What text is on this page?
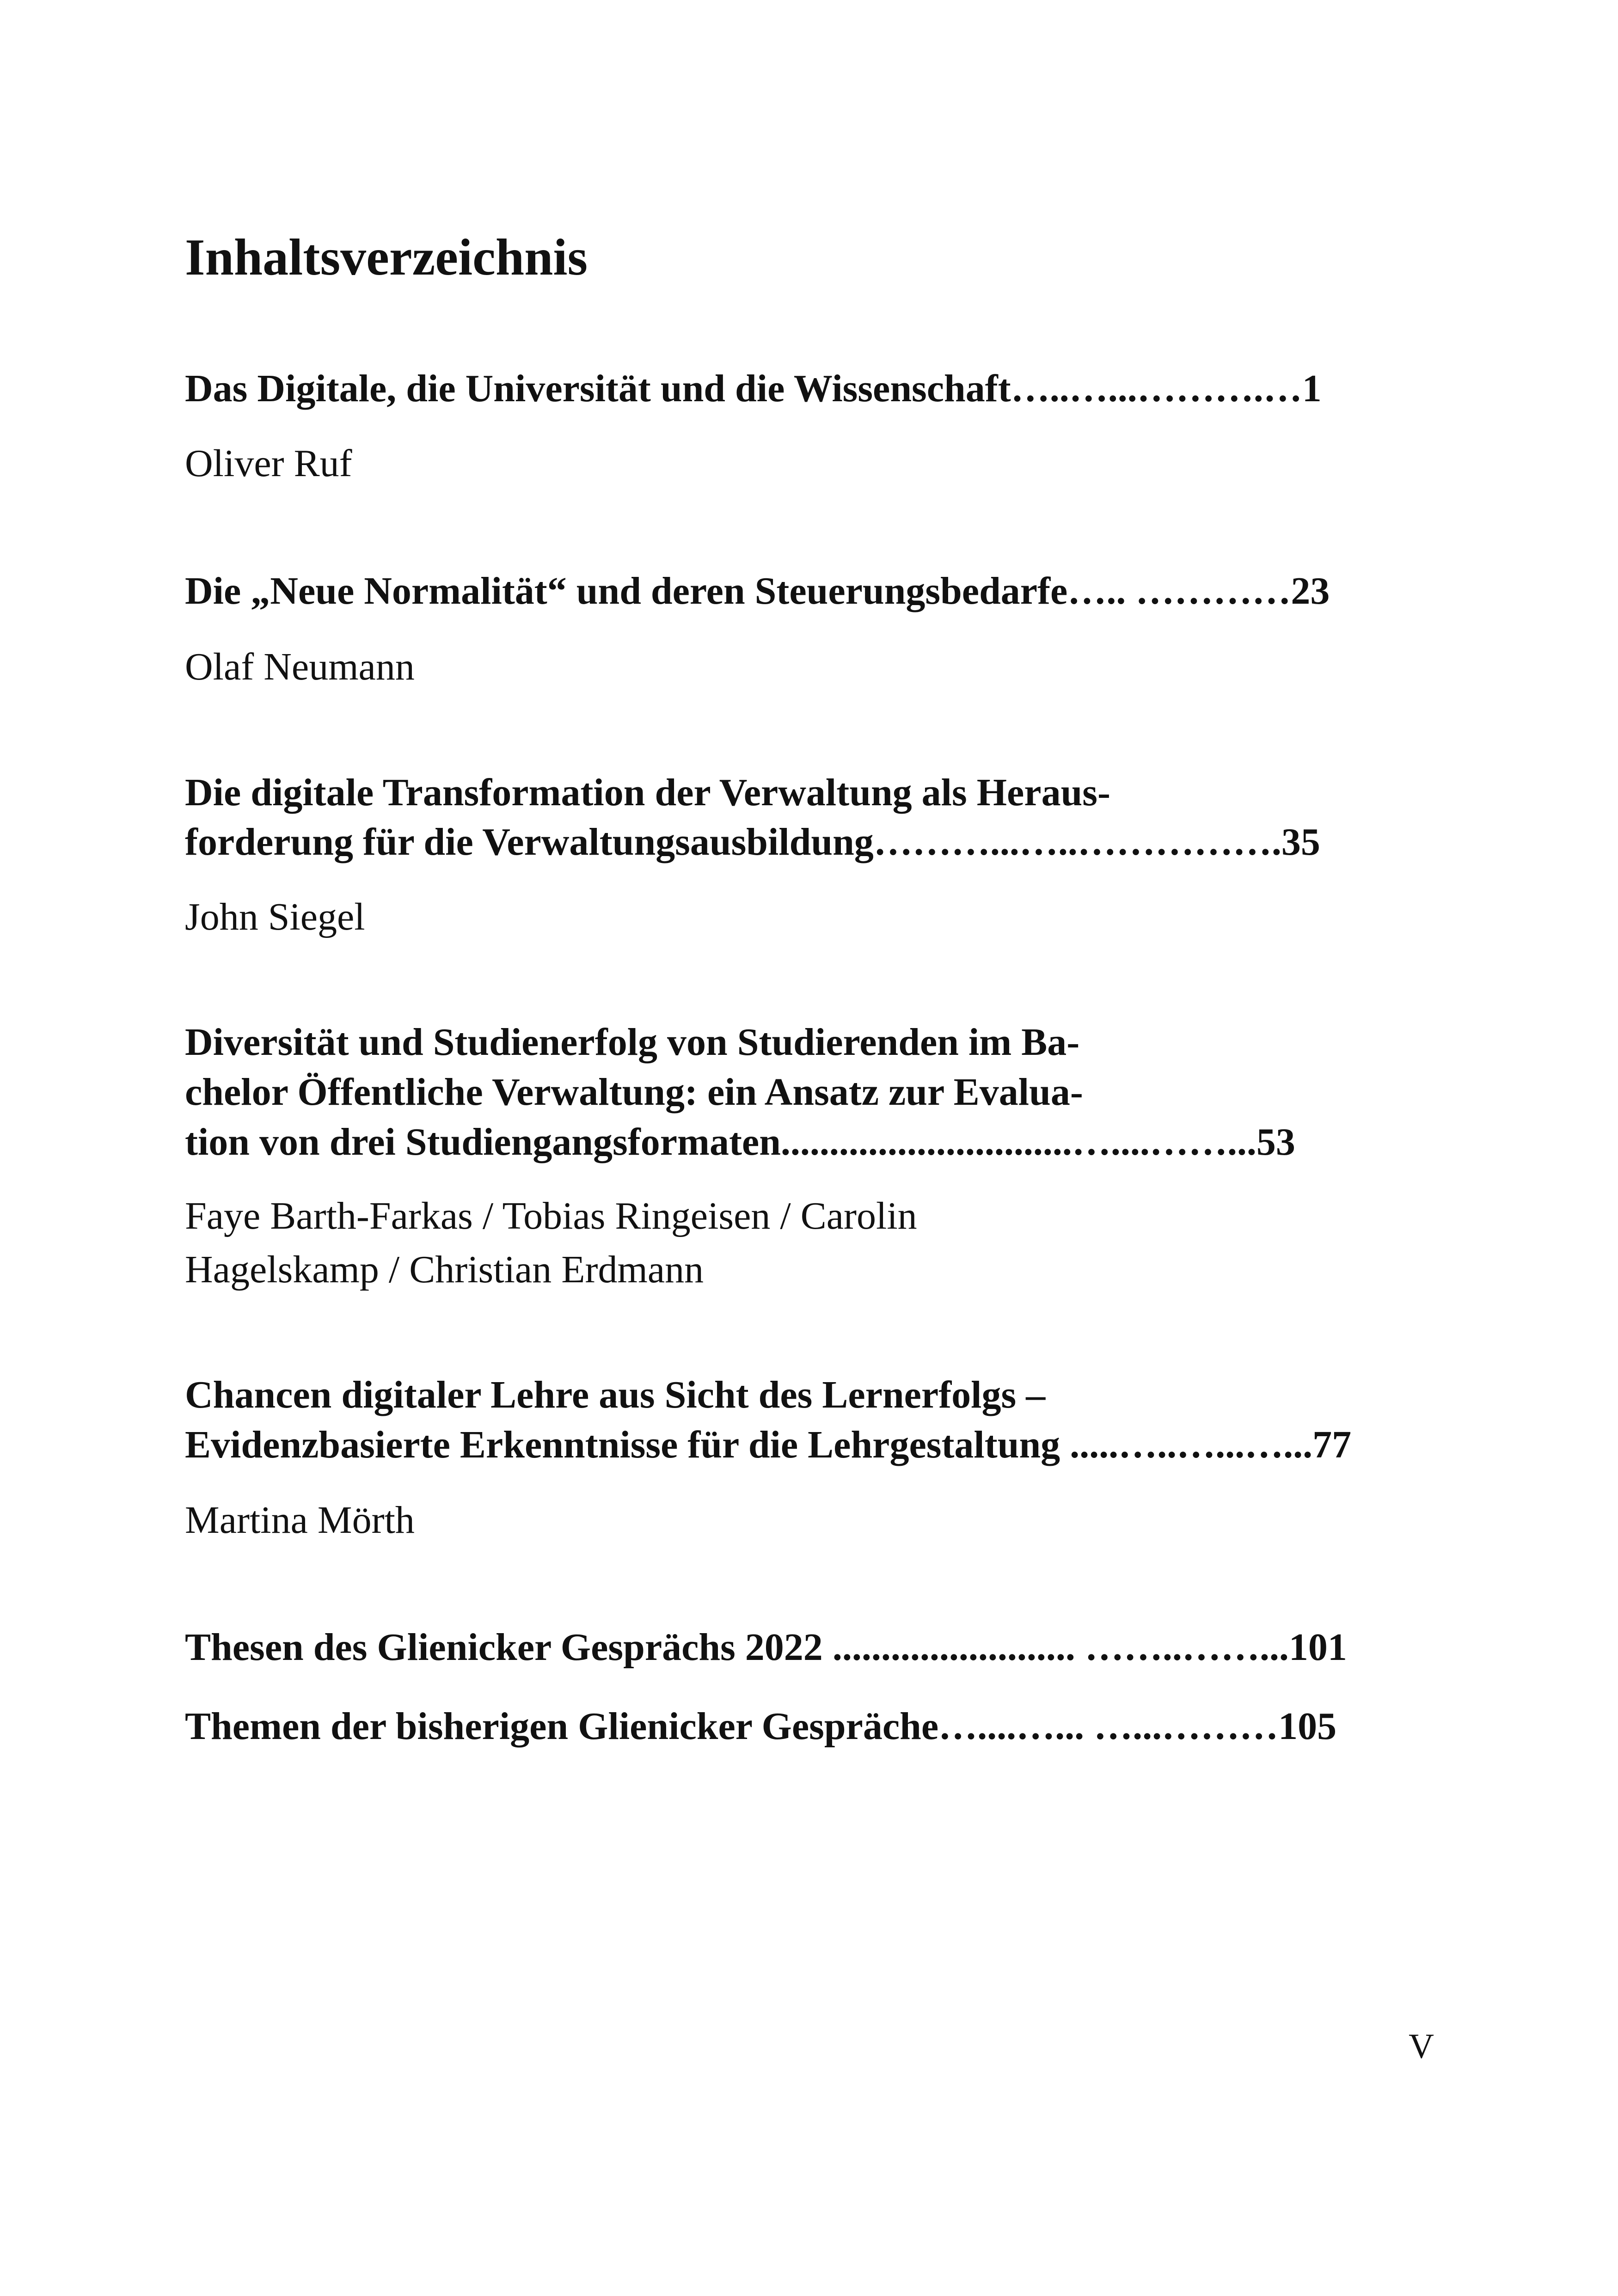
Inhaltsverzeichnis
Das Digitale, die Universität und die Wissenschaft…..…...……….…1
Oliver Ruf
Die „Neue Normalität“ und deren Steuerungsbedarfe….. …………23
Olaf Neumann
Die digitale Transformation der Verwaltung als Heraus-
forderung für die Verwaltungsausbildung………...…..…………….35
John Siegel
Diversität und Studienerfolg von Studierenden im Ba-
chelor Öffentliche Verwaltung: ein Ansatz zur Evalua-
tion von drei Studiengangsformaten..............................…....……...53
Faye Barth-Farkas / Tobias Ringeisen / Carolin
Hagelskamp / Christian Erdmann
Chancen digitaler Lehre aus Sicht des Lernerfolgs –
Evidenzbasierte Erkenntnisse für die Lehrgestaltung .....…..…...…...77
Martina Mörth
Thesen des Glienicker Gesprächs 2022 ......................... ……..……...101
Themen der bisherigen Glienicker Gespräche…....…... …...………105
V
